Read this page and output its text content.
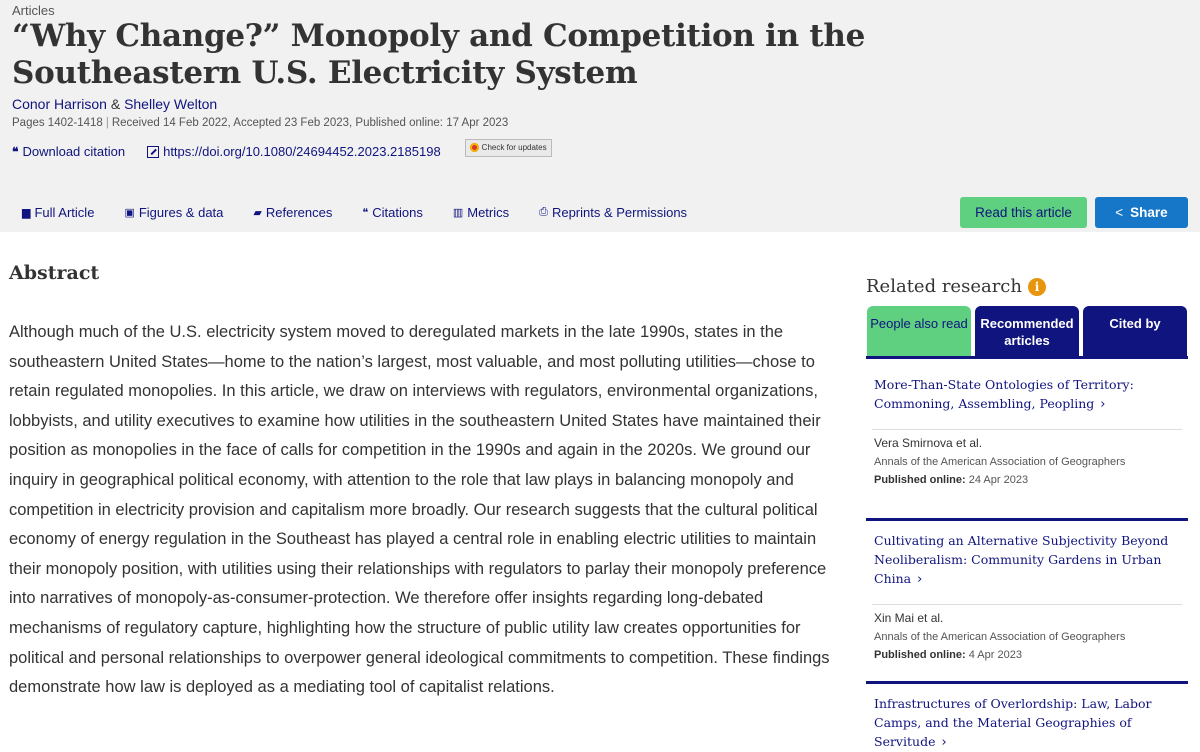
Articles
“Why Change?” Monopoly and Competition in the Southeastern U.S. Electricity System
Conor Harrison & Shelley Welton
Pages 1402-1418 | Received 14 Feb 2022, Accepted 23 Feb 2023, Published online: 17 Apr 2023
❝ Download citation	https://doi.org/10.1080/24694452.2023.2185198	Check for updates
▆ Full Article	▣ Figures & data	▰ References	❝ Citations	▥ Metrics	⎙ Reprints & Permissions	Read this article	< Share
Abstract

Although much of the U.S. electricity system moved to deregulated markets in the late 1990s, states in the southeastern United States—home to the nation’s largest, most valuable, and most polluting utilities—chose to retain regulated monopolies. In this article, we draw on interviews with regulators, environmental organizations, lobbyists, and utility executives to examine how utilities in the southeastern United States have maintained their position as monopolies in the face of calls for competition in the 1990s and again in the 2020s. We ground our inquiry in geographical political economy, with attention to the role that law plays in balancing monopoly and competition in electricity provision and capitalism more broadly. Our research suggests that the cultural political economy of energy regulation in the Southeast has played a central role in enabling electric utilities to maintain their monopoly position, with utilities using their relationships with regulators to parlay their monopoly preference into narratives of monopoly-as-consumer-protection. We therefore offer insights regarding long-debated mechanisms of regulatory capture, highlighting how the structure of public utility law creates opportunities for political and personal relationships to overpower general ideological commitments to competition. These findings demonstrate how law is deployed as a mediating tool of capitalist relations.

Related research	i
People also read Recommended articles
Cited by
More-Than-State Ontologies of Territory: Commoning, Assembling, Peopling ›
Vera Smirnova et al.
Annals of the American Association of Geographers
Published online: 24 Apr 2023
Cultivating an Alternative Subjectivity Beyond Neoliberalism: Community Gardens in Urban China ›
Xin Mai et al.
Annals of the American Association of Geographers
Published online: 4 Apr 2023
Infrastructures of Overlordship: Law, Labor Camps, and the Material Geographies of Servitude ›
